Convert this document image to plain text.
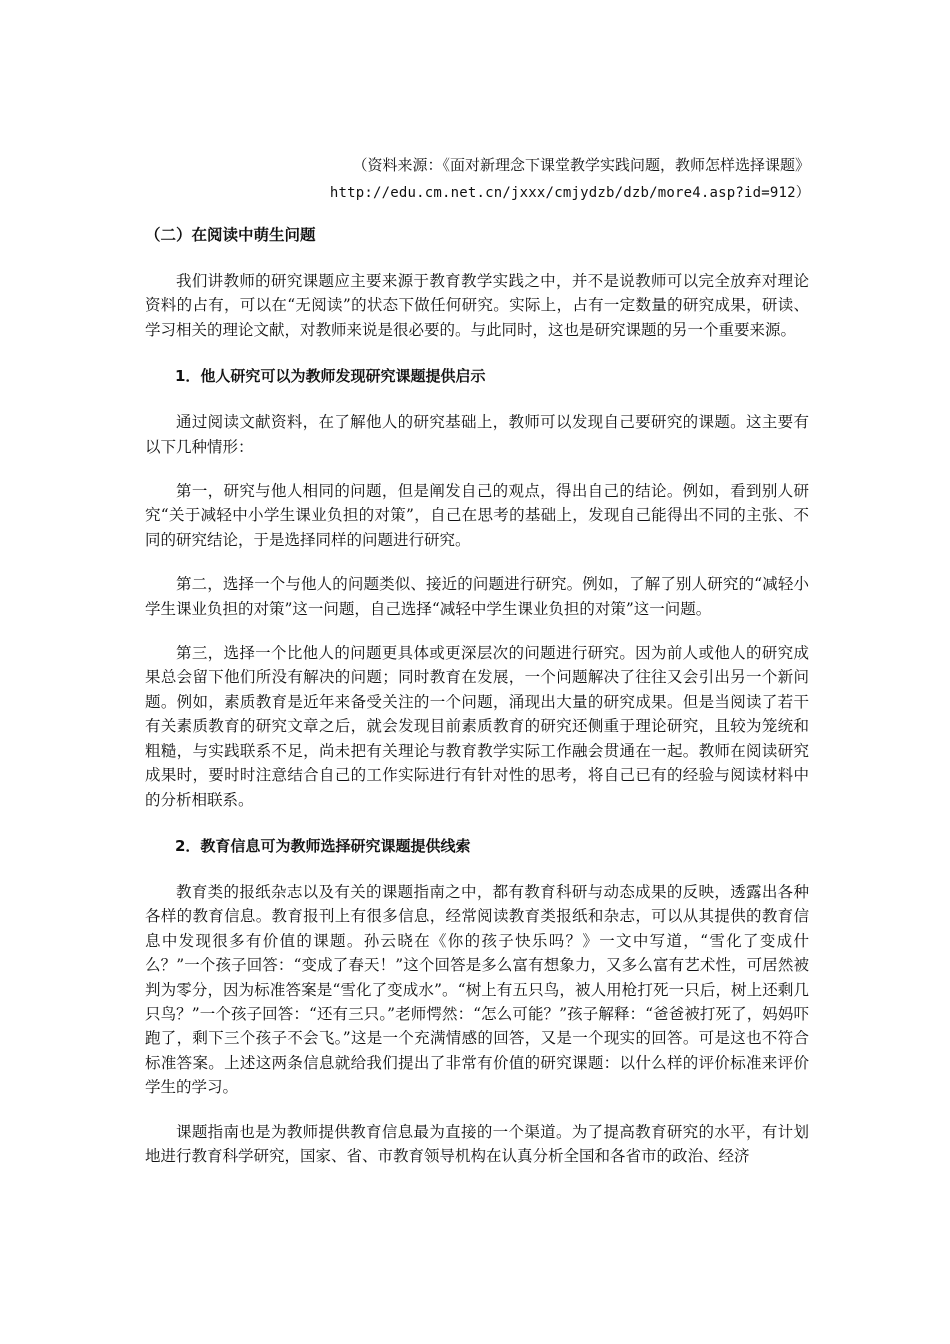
（资料来源：《面对新理念下课堂教学实践问题，教师怎样选择课题》
http://edu.cm.net.cn/jxxx/cmjydzb/dzb/more4.asp?id=912）
（二）在阅读中萌生问题

我们讲教师的研究课题应主要来源于教育教学实践之中，并不是说教师可以完全放弃对理论资料的占有，可以在“无阅读”的状态下做任何研究。实际上，占有一定数量的研究成果，研读、学习相关的理论文献，对教师来说是很必要的。与此同时，这也是研究课题的另一个重要来源。

1．他人研究可以为教师发现研究课题提供启示

通过阅读文献资料，在了解他人的研究基础上，教师可以发现自己要研究的课题。这主要有以下几种情形：

第一，研究与他人相同的问题，但是阐发自己的观点，得出自己的结论。例如，看到别人研究“关于减轻中小学生课业负担的对策”，自己在思考的基础上，发现自己能得出不同的主张、不同的研究结论，于是选择同样的问题进行研究。

第二，选择一个与他人的问题类似、接近的问题进行研究。例如，了解了别人研究的“减轻小学生课业负担的对策”这一问题，自己选择“减轻中学生课业负担的对策”这一问题。

第三，选择一个比他人的问题更具体或更深层次的问题进行研究。因为前人或他人的研究成果总会留下他们所没有解决的问题；同时教育在发展，一个问题解决了往往又会引出另一个新问题。例如，素质教育是近年来备受关注的一个问题，涌现出大量的研究成果。但是当阅读了若干有关素质教育的研究文章之后，就会发现目前素质教育的研究还侧重于理论研究，且较为笼统和粗糙，与实践联系不足，尚未把有关理论与教育教学实际工作融会贯通在一起。教师在阅读研究成果时，要时时注意结合自己的工作实际进行有针对性的思考，将自己已有的经验与阅读材料中的分析相联系。

2．教育信息可为教师选择研究课题提供线索

教育类的报纸杂志以及有关的课题指南之中，都有教育科研与动态成果的反映，透露出各种各样的教育信息。教育报刊上有很多信息，经常阅读教育类报纸和杂志，可以从其提供的教育信息中发现很多有价值的课题。孙云晓在《你的孩子快乐吗？》一文中写道，“雪化了变成什么？”一个孩子回答：“变成了春天！”这个回答是多么富有想象力，又多么富有艺术性，可居然被判为零分，因为标准答案是“雪化了变成水”。“树上有五只鸟，被人用枪打死一只后，树上还剩几只鸟？”一个孩子回答：“还有三只。”老师愕然：“怎么可能？”孩子解释：“爸爸被打死了，妈妈吓跑了，剩下三个孩子不会飞。”这是一个充满情感的回答，又是一个现实的回答。可是这也不符合标准答案。上述这两条信息就给我们提出了非常有价值的研究课题：以什么样的评价标准来评价学生的学习。

课题指南也是为教师提供教育信息最为直接的一个渠道。为了提高教育研究的水平，有计划地进行教育科学研究，国家、省、市教育领导机构在认真分析全国和各省市的政治、经济
